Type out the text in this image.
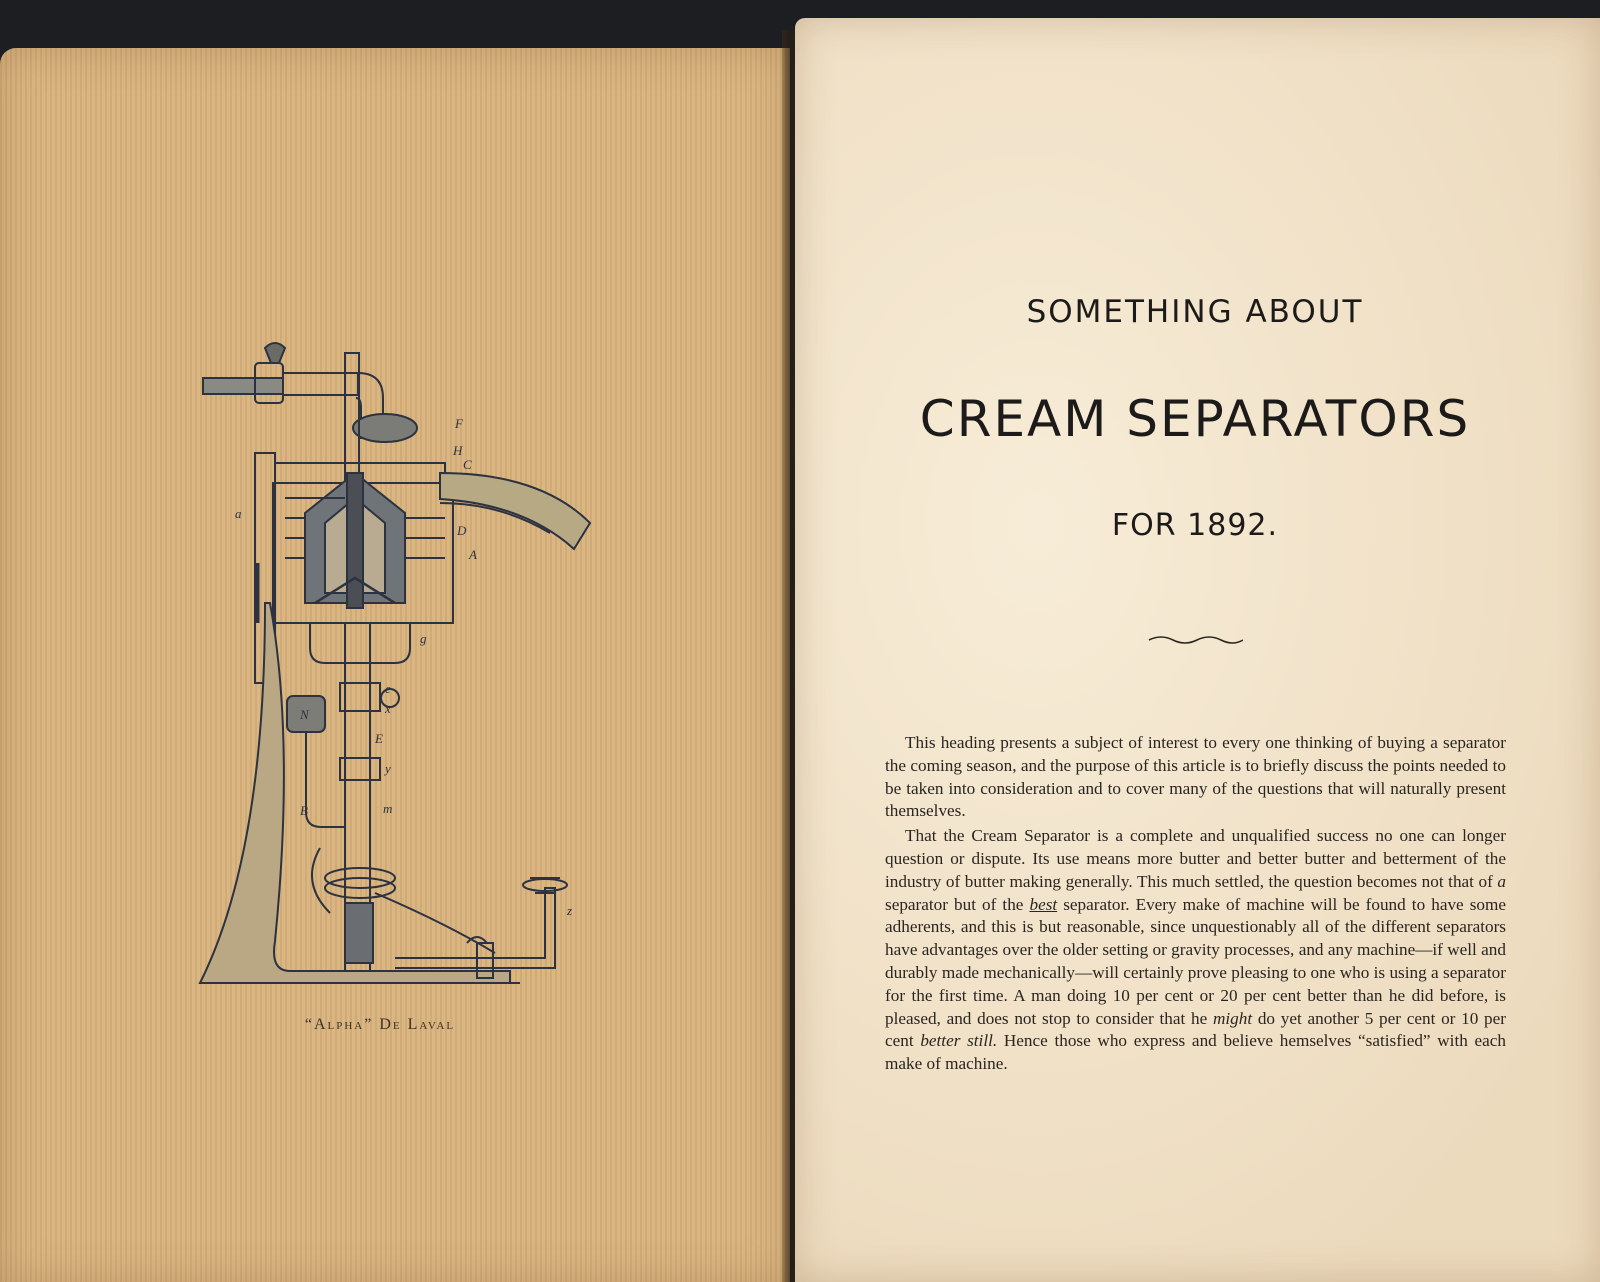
F
H
C
D
A
a
N
E
B	m
x
z
y
g
e
“Alpha” De Laval
SOMETHING ABOUT
CREAM SEPARATORS
FOR 1892.

This heading presents a subject of interest to every one thinking of buying a separator the coming season, and the purpose of this article is to briefly discuss the points needed to be taken into consideration and to cover many of the questions that will naturally present themselves.

That the Cream Separator is a complete and unqualified success no one can longer question or dispute. Its use means more butter and better butter and betterment of the industry of butter making generally. This much settled, the question becomes not that of a separator but of the best separator. Every make of machine will be found to have some adherents, and this is but reasonable, since unquestionably all of the different separators have advantages over the older setting or gravity processes, and any machine—if well and durably made mechanically—will certainly prove pleasing to one who is using a separator for the first time. A man doing 10 per cent or 20 per cent better than he did before, is pleased, and does not stop to consider that he might do yet another 5 per cent or 10 per cent better still. Hence those who express and believe hemselves “satisfied” with each make of machine.
